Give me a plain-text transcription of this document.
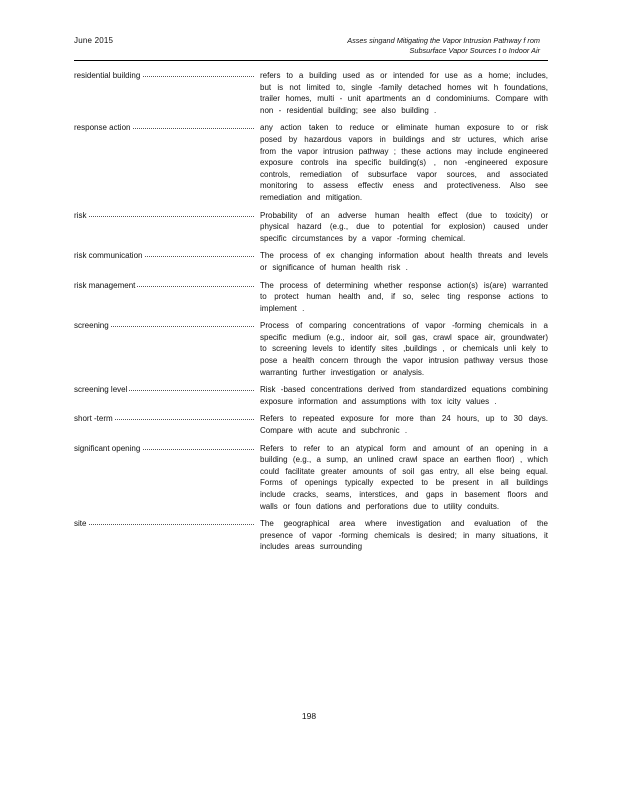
June 2015	Asses singand Mitigating the Vapor Intrusion Pathway f rom
Subsurface Vapor Sources t o Indoor Air
residential building	refers to a building used as or intended for use as a home; includes, but is not limited to, single -family detached homes wit h foundations, trailer homes, multi - unit apartments an d condominiums. Compare with non - residential building; see also building .
response action	any action taken to reduce or eliminate human exposure to or risk posed by hazardous vapors in buildings and str uctures, which arise from the vapor intrusion pathway ; these actions may include engineered exposure controls ina specific building(s) , non -engineered exposure controls, remediation of subsurface vapor sources, and associated monitoring to assess effectiv eness and protectiveness. Also see remediation and mitigation.
risk	Probability of an adverse human health effect (due to toxicity) or physical hazard (e.g., due to potential for explosion) caused under specific circumstances by a vapor -forming chemical.
risk communication	The process of ex changing information about health threats and levels or significance of human health risk .
risk management	The process of determining whether response action(s) is(are) warranted to protect human health and, if so, selec ting response actions to implement .
screening	Process of comparing concentrations of vapor -forming chemicals in a specific medium (e.g., indoor air, soil gas, crawl space air, groundwater) to screening levels to identify sites ,buildings , or chemicals unli kely to pose a health concern through the vapor intrusion pathway versus those warranting further investigation or analysis.
screening level	Risk -based concentrations derived from standardized equations combining exposure information and assumptions with tox icity values .
short -term	Refers to repeated exposure for more than 24 hours, up to 30 days. Compare with acute and subchronic .
significant opening	Refers to refer to an atypical form and amount of an opening in a building (e.g., a sump, an unlined crawl space an earthen floor) , which could facilitate greater amounts of soil gas entry, all else being equal. Forms of openings typically expected to be present in all buildings include cracks, seams, interstices, and gaps in basement floors and walls or foun dations and perforations due to utility conduits.
site	The geographical area where investigation and evaluation of the presence of vapor -forming chemicals is desired; in many situations, it includes areas surrounding
198
